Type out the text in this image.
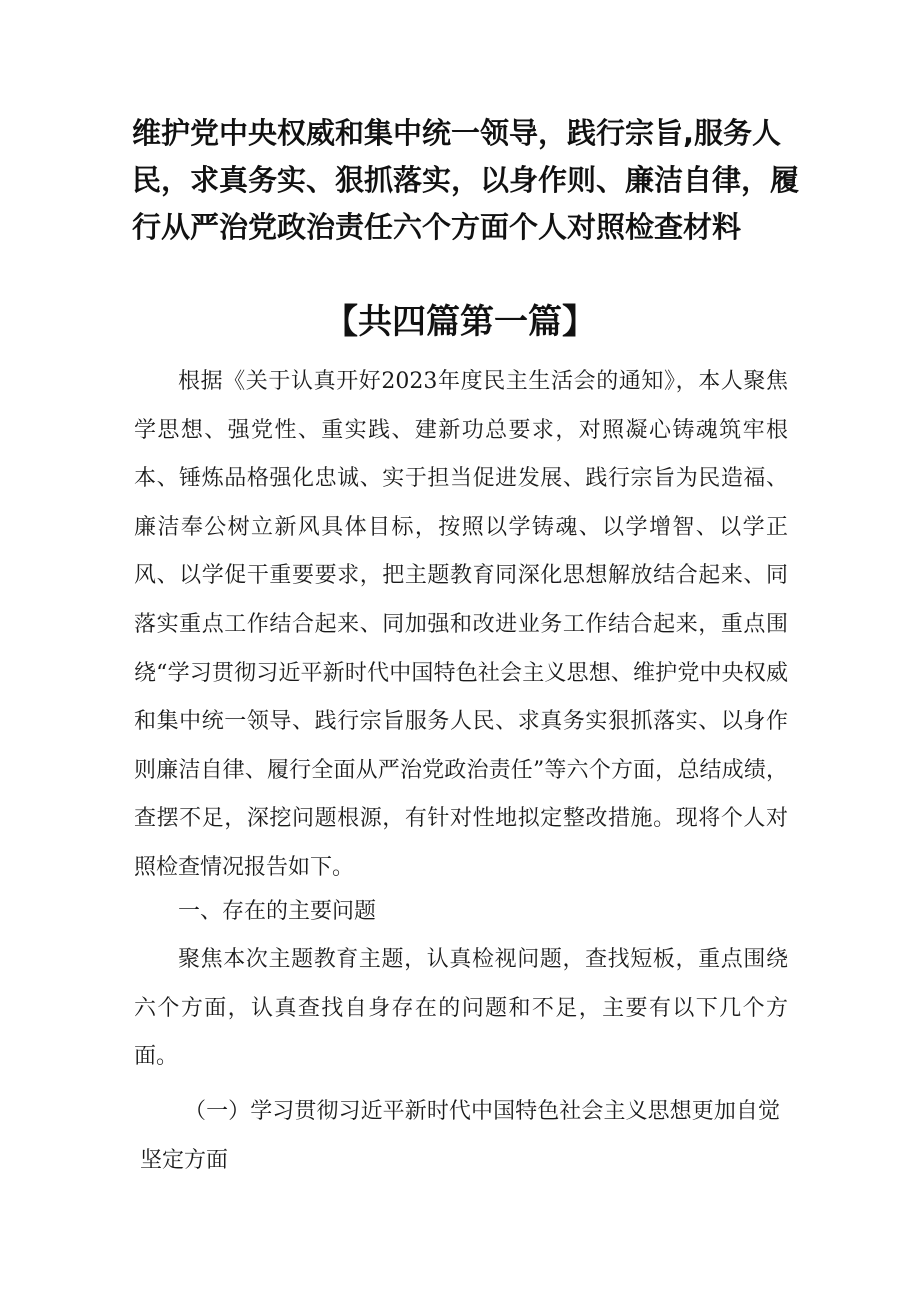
维护党中央权威和集中统一领导，践行宗旨,服务人民，求真务实、狠抓落实，以身作则、廉洁自律，履行从严治党政治责任六个方面个人对照检查材料
【共四篇第一篇】

根据《关于认真开好2023年度民主生活会的通知》，本人聚焦学思想、强党性、重实践、建新功总要求，对照凝心铸魂筑牢根本、锤炼品格强化忠诚、实于担当促进发展、践行宗旨为民造福、廉洁奉公树立新风具体目标，按照以学铸魂、以学增智、以学正风、以学促干重要要求，把主题教育同深化思想解放结合起来、同落实重点工作结合起来、同加强和改进业务工作结合起来，重点围绕“学习贯彻习近平新时代中国特色社会主义思想、维护党中央权威和集中统一领导、践行宗旨服务人民、求真务实狠抓落实、以身作则廉洁自律、履行全面从严治党政治责任”等六个方面，总结成绩，查摆不足，深挖问题根源，有针对性地拟定整改措施。现将个人对照检查情况报告如下。

一、存在的主要问题

聚焦本次主题教育主题，认真检视问题，查找短板，重点围绕六个方面，认真查找自身存在的问题和不足，主要有以下几个方面。

（一）学习贯彻习近平新时代中国特色社会主义思想更加自觉坚定方面
